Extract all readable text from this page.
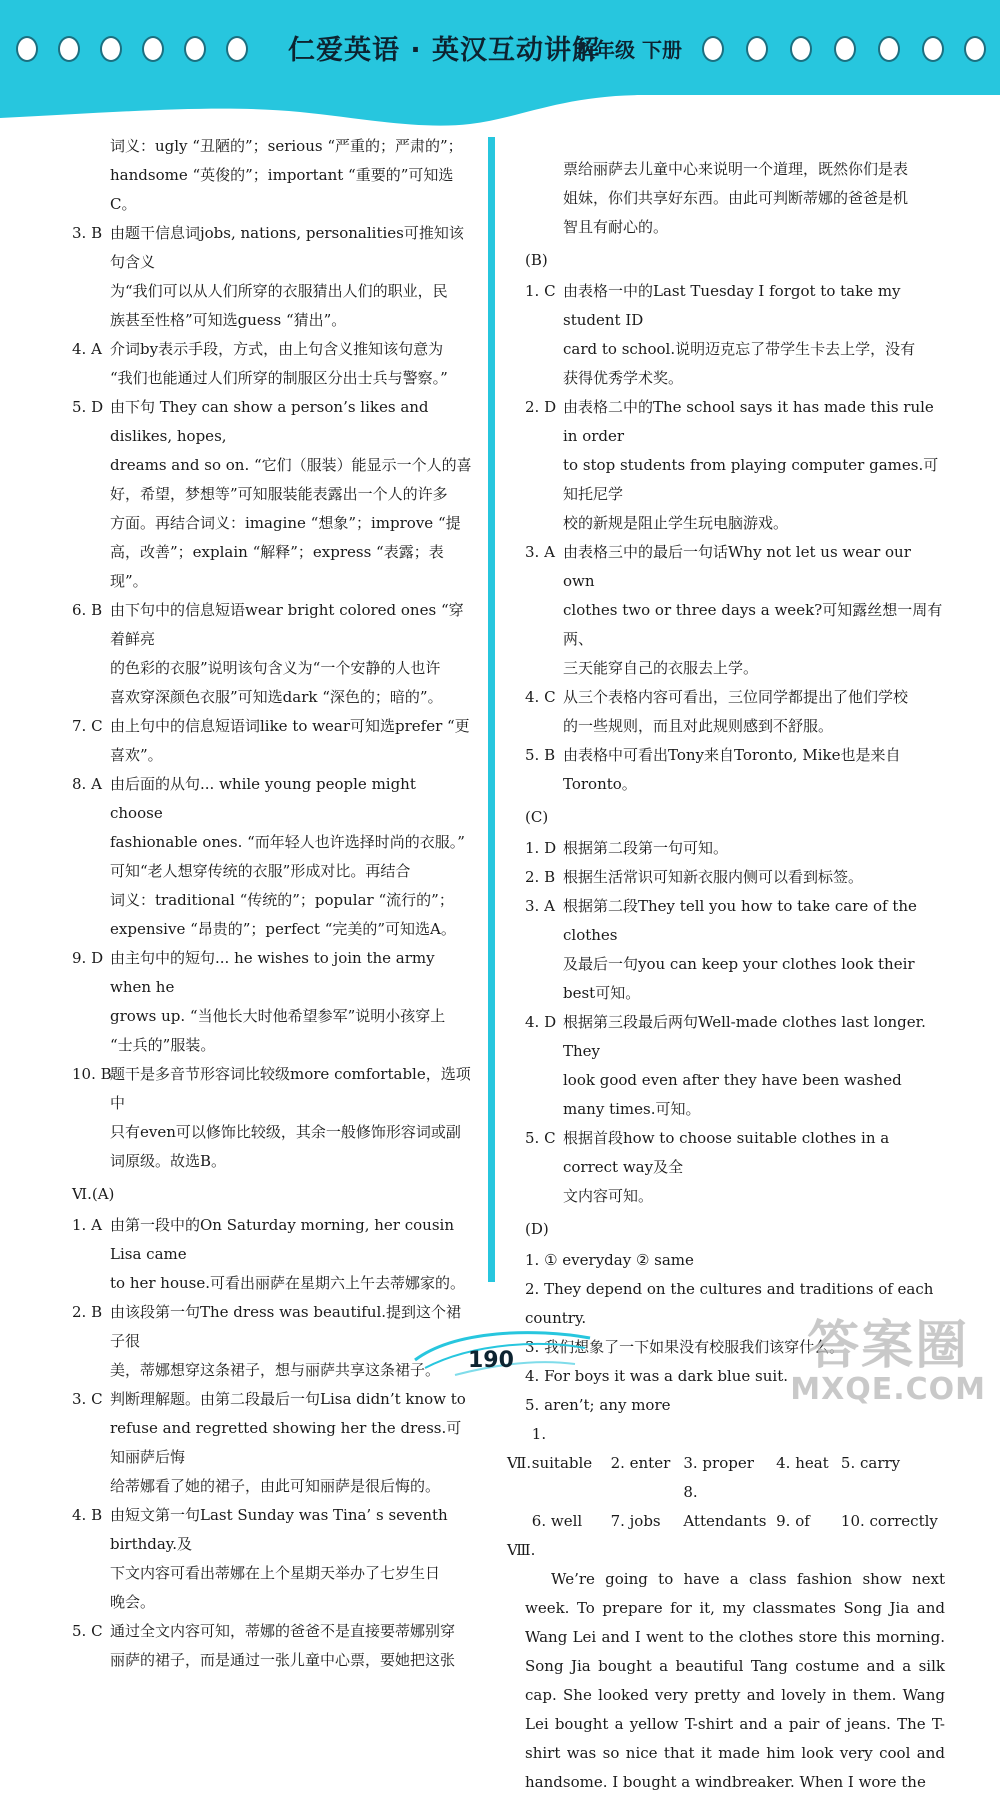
仁爱英语 · 英汉互动讲解
八年级 下册
词义：ugly “丑陋的”；serious “严重的；严肃的”；
handsome “英俊的”；important “重要的”可知选C。
3. B 由题干信息词jobs, nations, personalities可推知该句含义
为“我们可以从人们所穿的衣服猜出人们的职业，民
族甚至性格”可知选guess “猜出”。
4. A 介词by表示手段，方式，由上句含义推知该句意为
“我们也能通过人们所穿的制服区分出士兵与警察。”
5. D 由下句 They can show a person’s likes and dislikes, hopes,
dreams and so on. “它们（服装）能显示一个人的喜
好，希望，梦想等”可知服装能表露出一个人的许多
方面。再结合词义：imagine “想象”；improve “提
高，改善”；explain “解释”；express “表露；表现”。
6. B 由下句中的信息短语wear bright colored ones “穿着鲜亮
的色彩的衣服”说明该句含义为“一个安静的人也许
喜欢穿深颜色衣服”可知选dark “深色的；暗的”。
7. C 由上句中的信息短语词like to wear可知选prefer “更
喜欢”。
8. A 由后面的从句... while young people might choose
fashionable ones. “而年轻人也许选择时尚的衣服。”
可知“老人想穿传统的衣服”形成对比。再结合
词义：traditional “传统的”；popular “流行的”；
expensive “昂贵的”；perfect “完美的”可知选A。
9. D 由主句中的短句... he wishes to join the army when he
grows up. “当他长大时他希望参军”说明小孩穿上
“士兵的”服装。
10. B
题干是多音节形容词比较级more comfortable，选项中
只有even可以修饰比较级，其余一般修饰形容词或副
词原级。故选B。
Ⅵ.(A)
1. A 由第一段中的On Saturday morning, her cousin Lisa came
to her house.可看出丽萨在星期六上午去蒂娜家的。
2. B 由该段第一句The dress was beautiful.提到这个裙子很
美，蒂娜想穿这条裙子，想与丽萨共享这条裙子。
3. C 判断理解题。由第二段最后一句Lisa didn’t know to
refuse and regretted showing her the dress.可知丽萨后悔
给蒂娜看了她的裙子，由此可知丽萨是很后悔的。
4. B 由短文第一句Last Sunday was Tina’ s seventh birthday.及
下文内容可看出蒂娜在上个星期天举办了七岁生日
晚会。
5. C 通过全文内容可知，蒂娜的爸爸不是直接要蒂娜别穿
丽萨的裙子，而是通过一张儿童中心票，要她把这张
票给丽萨去儿童中心来说明一个道理，既然你们是表
姐妹，你们共享好东西。由此可判断蒂娜的爸爸是机
智且有耐心的。
(B)
1. C 由表格一中的Last Tuesday I forgot to take my student ID
card to school.说明迈克忘了带学生卡去上学，没有
获得优秀学术奖。
2. D 由表格二中的The school says it has made this rule in order
to stop students from playing computer games.可知托尼学
校的新规是阻止学生玩电脑游戏。
3. A 由表格三中的最后一句话Why not let us wear our own
clothes two or three days a week?可知露丝想一周有两、
三天能穿自己的衣服去上学。
4. C 从三个表格内容可看出，三位同学都提出了他们学校
的一些规则，而且对此规则感到不舒服。
5. B 由表格中可看出Tony来自Toronto, Mike也是来自
Toronto。
(C)
1. D 根据第二段第一句可知。
2. B 根据生活常识可知新衣服内侧可以看到标签。
3. A 根据第二段They tell you how to take care of the clothes
及最后一句you can keep your clothes look their best可知。
4. D 根据第三段最后两句Well-made clothes last longer. They
look good even after they have been washed many times.可知。
5. C 根据首段how to choose suitable clothes in a correct way及全
文内容可知。
(D)
1. ① everyday ② same
2. They depend on the cultures and traditions of each country.
3. 我们想象了一下如果没有校服我们该穿什么。
4. For boys it was a dark blue suit.
5. aren’t; any more
Ⅶ. 1. suitable 2. enter 3. proper 4. heat 5. carry
6. well 7. jobs 8. Attendants 9. of 10. correctly
Ⅷ.

We’re going to have a class fashion show next week. To prepare for it, my classmates Song Jia and Wang Lei and I went to the clothes store this morning. Song Jia bought a beautiful Tang costume and a silk cap. She looked very pretty and lovely in them. Wang Lei bought a yellow T-shirt and a pair of jeans. The T-shirt was so nice that it made him look very cool and handsome. I bought a windbreaker. When I wore the

190	答案圈
MXQE.COM
